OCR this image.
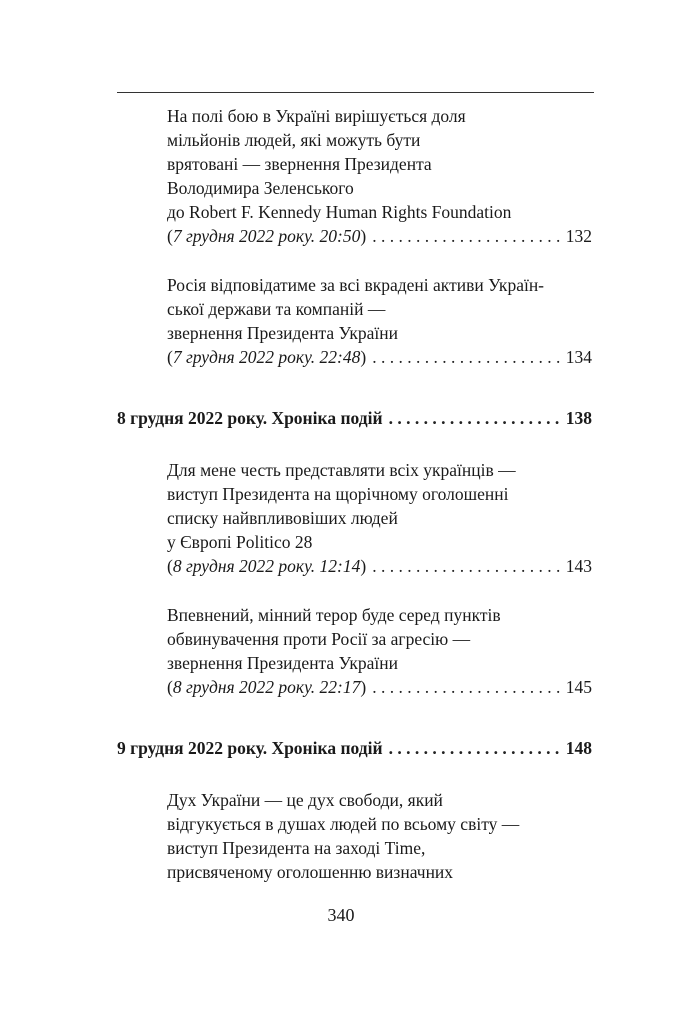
На полі бою в Україні вирішується доля
мільйонів людей, які можуть бути
врятовані — звернення Президента
Володимира Зеленського
до Robert F. Kennedy Human Rights Foundation
(7 грудня 2022 року. 20:50) . . .	132
Росія відповідатиме за всі вкрадені активи Україн-
ської держави та компаній —
звернення Президента України
(7 грудня 2022 року. 22:48) . . .	134
8 грудня 2022 року. Хроніка подій . . .	138
Для мене честь представляти всіх українців —
виступ Президента на щорічному оголошенні
списку найвпливовіших людей
у Європі Politico 28
(8 грудня 2022 року. 12:14) . . .	143
Впевнений, мінний терор буде серед пунктів
обвинувачення проти Росії за агресію —
звернення Президента України
(8 грудня 2022 року. 22:17) . . .	145
9 грудня 2022 року. Хроніка подій . . .	148
Дух України — це дух свободи, який
відгукується в душах людей по всьому світу —
виступ Президента на заході Time,
присвяченому оголошенню визначних
340
